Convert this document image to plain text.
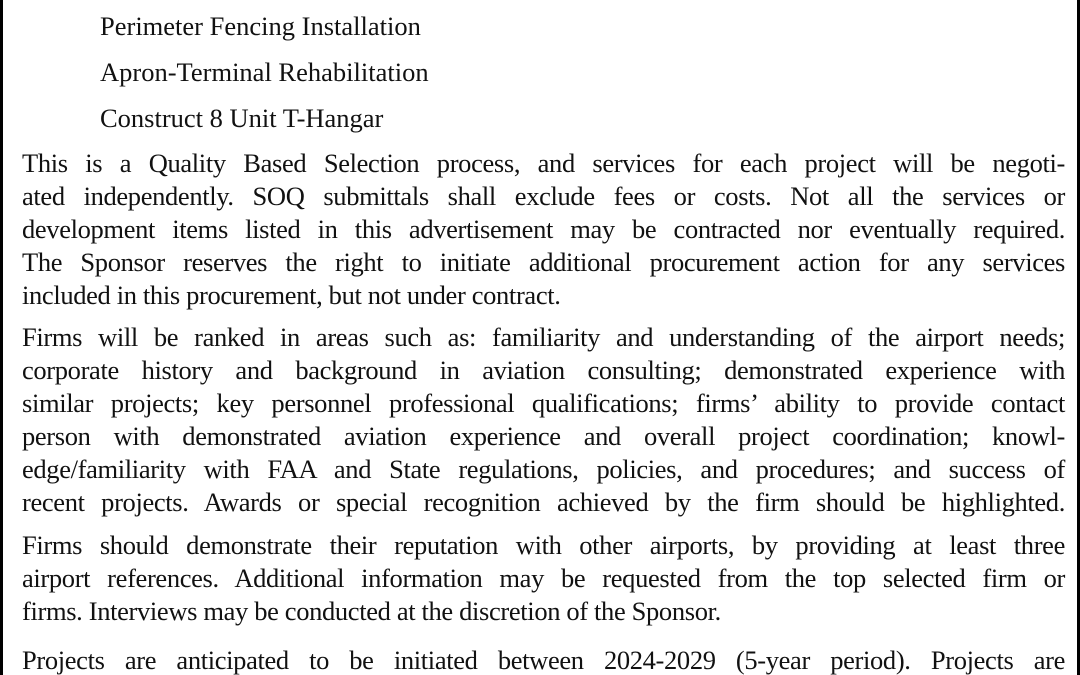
Perimeter Fencing Installation
Apron-Terminal Rehabilitation
Construct 8 Unit T-Hangar
This is a Quality Based Selection process, and services for each project will be negoti-
ated independently. SOQ submittals shall exclude fees or costs. Not all the services or
development items listed in this advertisement may be contracted nor eventually required.
The Sponsor reserves the right to initiate additional procurement action for any services
included in this procurement, but not under contract.
Firms will be ranked in areas such as: familiarity and understanding of the airport needs;
corporate history and background in aviation consulting; demonstrated experience with
similar projects; key personnel professional qualifications; firms’ ability to provide contact
person with demonstrated aviation experience and overall project coordination; knowl-
edge/familiarity with FAA and State regulations, policies, and procedures; and success of
recent projects. Awards or special recognition achieved by the firm should be highlighted.
Firms should demonstrate their reputation with other airports, by providing at least three
airport references. Additional information may be requested from the top selected firm or
firms. Interviews may be conducted at the discretion of the Sponsor.
Projects are anticipated to be initiated between 2024-2029 (5-year period). Projects are
